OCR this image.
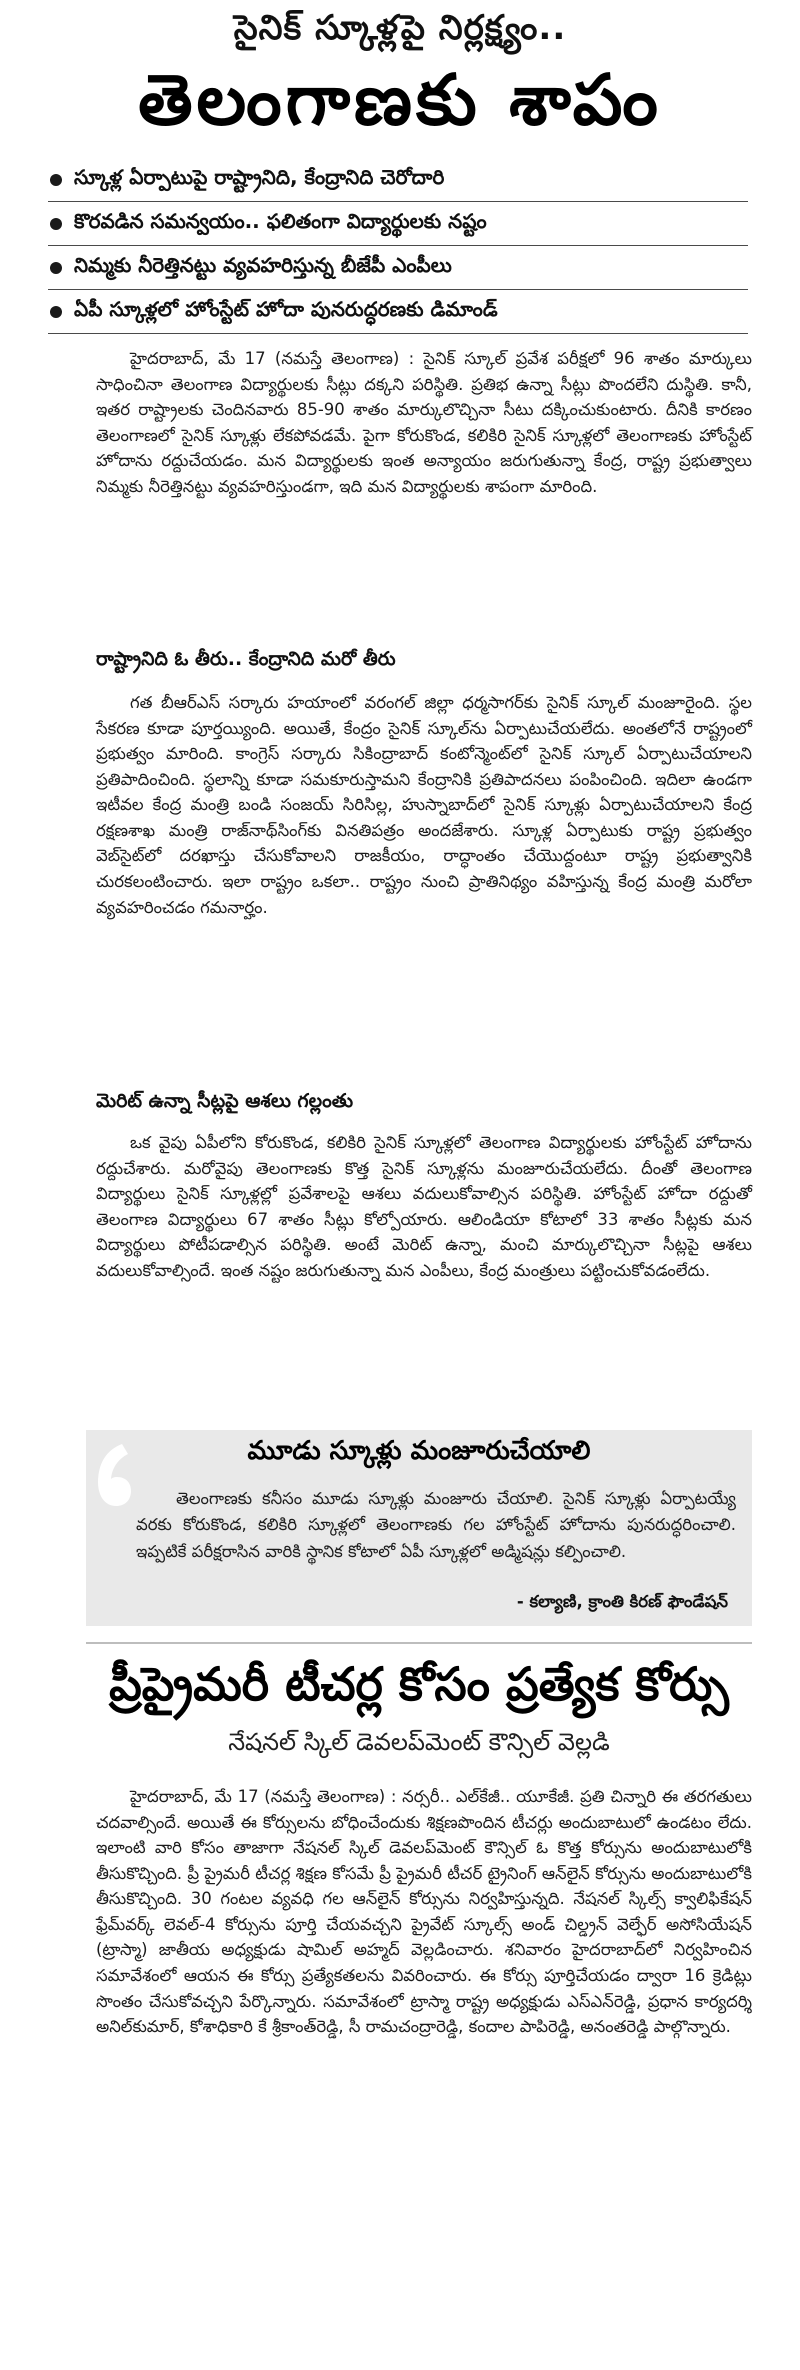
సైనిక్ స్కూళ్లపై నిర్లక్ష్యం..
తెలంగాణకు శాపం
స్కూళ్ల ఏర్పాటుపై రాష్ట్రానిది, కేంద్రానిది చెరోదారి
కొరవడిన సమన్వయం.. ఫలితంగా విద్యార్థులకు నష్టం
నిమ్మకు నీరెత్తినట్టు వ్యవహరిస్తున్న బీజేపీ ఎంపీలు
ఏపీ స్కూళ్లలో హోంస్టేట్ హోదా పునరుద్ధరణకు డిమాండ్

హైదరాబాద్, మే 17 (నమస్తే తెలంగాణ) : సైనిక్ స్కూల్ ప్రవేశ పరీక్షలో 96 శాతం మార్కులు సాధించినా తెలంగాణ విద్యార్థులకు సీట్లు దక్కని పరిస్థితి. ప్రతిభ ఉన్నా సీట్లు పొందలేని దుస్థితి. కానీ, ఇతర రాష్ట్రాలకు చెందినవారు 85-90 శాతం మార్కులొచ్చినా సీటు దక్కించుకుంటారు. దీనికి కారణం తెలంగాణలో సైనిక్ స్కూళ్లు లేకపోవడమే. పైగా కోరుకొండ, కలికిరి సైనిక్ స్కూళ్లలో తెలంగాణకు హోంస్టేట్ హోదాను రద్దుచేయడం. మన విద్యార్థులకు ఇంత అన్యాయం జరుగుతున్నా కేంద్ర, రాష్ట్ర ప్రభుత్వాలు నిమ్మకు నీరెత్తినట్టు వ్యవహరిస్తుండగా, ఇది మన విద్యార్థులకు శాపంగా మారింది.

రాష్ట్రానిది ఓ తీరు.. కేంద్రానిది మరో తీరు

గత బీఆర్ఎస్ సర్కారు హయాంలో వరంగల్ జిల్లా ధర్మసాగర్‌కు సైనిక్ స్కూల్ మంజూరైంది. స్థల సేకరణ కూడా పూర్తయ్యింది. అయితే, కేంద్రం సైనిక్ స్కూల్‌ను ఏర్పాటుచేయలేదు. అంతలోనే రాష్ట్రంలో ప్రభుత్వం మారింది. కాంగ్రెస్ సర్కారు సికింద్రాబాద్ కంటోన్మెంట్‌లో సైనిక్ స్కూల్ ఏర్పాటుచేయాలని ప్రతిపాదించింది. స్థలాన్ని కూడా సమకూరుస్తామని కేంద్రానికి ప్రతిపాదనలు పంపించింది. ఇదిలా ఉండగా ఇటీవల కేంద్ర మంత్రి బండి సంజయ్ సిరిసిల్ల, హుస్నాబాద్‌లో సైనిక్ స్కూళ్లు ఏర్పాటుచేయాలని కేంద్ర రక్షణశాఖ మంత్రి రాజ్‌నాథ్‌సింగ్‌కు వినతిపత్రం అందజేశారు. స్కూళ్ల ఏర్పాటుకు రాష్ట్ర ప్రభుత్వం వెబ్‌సైట్‌లో దరఖాస్తు చేసుకోవాలని రాజకీయం, రాద్ధాంతం చేయొద్దంటూ రాష్ట్ర ప్రభుత్వానికి చురకలంటించారు. ఇలా రాష్ట్రం ఒకలా.. రాష్ట్రం నుంచి ప్రాతినిథ్యం వహిస్తున్న కేంద్ర మంత్రి మరోలా వ్యవహరించడం గమనార్హం.

మెరిట్ ఉన్నా సీట్లపై ఆశలు గల్లంతు

ఒక వైపు ఏపీలోని కోరుకొండ, కలికిరి సైనిక్ స్కూళ్లలో తెలంగాణ విద్యార్థులకు హోంస్టేట్ హోదాను రద్దుచేశారు. మరోవైపు తెలంగాణకు కొత్త సైనిక్ స్కూళ్లను మంజూరుచేయలేదు. దీంతో తెలంగాణ విద్యార్థులు సైనిక్ స్కూళ్లల్లో ప్రవేశాలపై ఆశలు వదులుకోవాల్సిన పరిస్థితి. హోంస్టేట్ హోదా రద్దుతో తెలంగాణ విద్యార్థులు 67 శాతం సీట్లు కోల్పోయారు. ఆలిండియా కోటాలో 33 శాతం సీట్లకు మన విద్యార్థులు పోటీపడాల్సిన పరిస్థితి. అంటే మెరిట్ ఉన్నా, మంచి మార్కులొచ్చినా సీట్లపై ఆశలు వదులుకోవాల్సిందే. ఇంత నష్టం జరుగుతున్నా మన ఎంపీలు, కేంద్ర మంత్రులు పట్టించుకోవడంలేదు.

మూడు స్కూళ్లు మంజూరుచేయాలి

తెలంగాణకు కనీసం మూడు స్కూళ్లు మంజూరు చేయాలి. సైనిక్ స్కూళ్లు ఏర్పాటయ్యే వరకు కోరుకొండ, కలికిరి స్కూళ్లలో తెలంగాణకు గల హోంస్టేట్ హోదాను పునరుద్ధరించాలి. ఇప్పటికే పరీక్షరాసిన వారికి స్థానిక కోటాలో ఏపీ స్కూళ్లలో అడ్మిషన్లు కల్పించాలి.

- కల్యాణి, క్రాంతి కిరణ్ ఫౌండేషన్
ప్రీప్రైమరీ టీచర్ల కోసం ప్రత్యేక కోర్సు
నేషనల్ స్కిల్ డెవలప్‌మెంట్ కౌన్సిల్ వెల్లడి

హైదరాబాద్, మే 17 (నమస్తే తెలంగాణ) : నర్సరీ.. ఎల్‌కేజీ.. యూకేజీ. ప్రతి చిన్నారి ఈ తరగతులు చదవాల్సిందే. అయితే ఈ కోర్సులను బోధించేందుకు శిక్షణపొందిన టీచర్లు అందుబాటులో ఉండటం లేదు. ఇలాంటి వారి కోసం తాజాగా నేషనల్ స్కిల్ డెవలప్‌మెంట్ కౌన్సిల్ ఓ కొత్త కోర్సును అందుబాటులోకి తీసుకొచ్చింది. ప్రీ ప్రైమరీ టీచర్ల శిక్షణ కోసమే ప్రీ ప్రైమరీ టీచర్ ట్రైనింగ్ ఆన్‌లైన్ కోర్సును అందుబాటులోకి తీసుకొచ్చింది. 30 గంటల వ్యవధి గల ఆన్‌లైన్ కోర్సును నిర్వహిస్తున్నది. నేషనల్ స్కిల్స్ క్వాలిఫికేషన్ ఫ్రేమ్‌వర్క్ లెవల్-4 కోర్సును పూర్తి చేయవచ్చని ప్రైవేట్ స్కూల్స్ అండ్ చిల్డ్రన్ వెల్ఫేర్ అసోసియేషన్ (ట్రాస్మా) జాతీయ అధ్యక్షుడు షామిల్ అహ్మద్ వెల్లడించారు. శనివారం హైదరాబాద్‌లో నిర్వహించిన సమావేశంలో ఆయన ఈ కోర్సు ప్రత్యేకతలను వివరించారు. ఈ కోర్సు పూర్తిచేయడం ద్వారా 16 క్రెడిట్లు సొంతం చేసుకోవచ్చని పేర్కొన్నారు. సమావేశంలో ట్రాస్మా రాష్ట్ర అధ్యక్షుడు ఎస్ఎన్‌రెడ్డి, ప్రధాన కార్యదర్శి అనిల్‌కుమార్, కోశాధికారి కే శ్రీకాంత్‌రెడ్డి, సీ రామచంద్రారెడ్డి, కందాల పాపిరెడ్డి, అనంతరెడ్డి పాల్గొన్నారు.
